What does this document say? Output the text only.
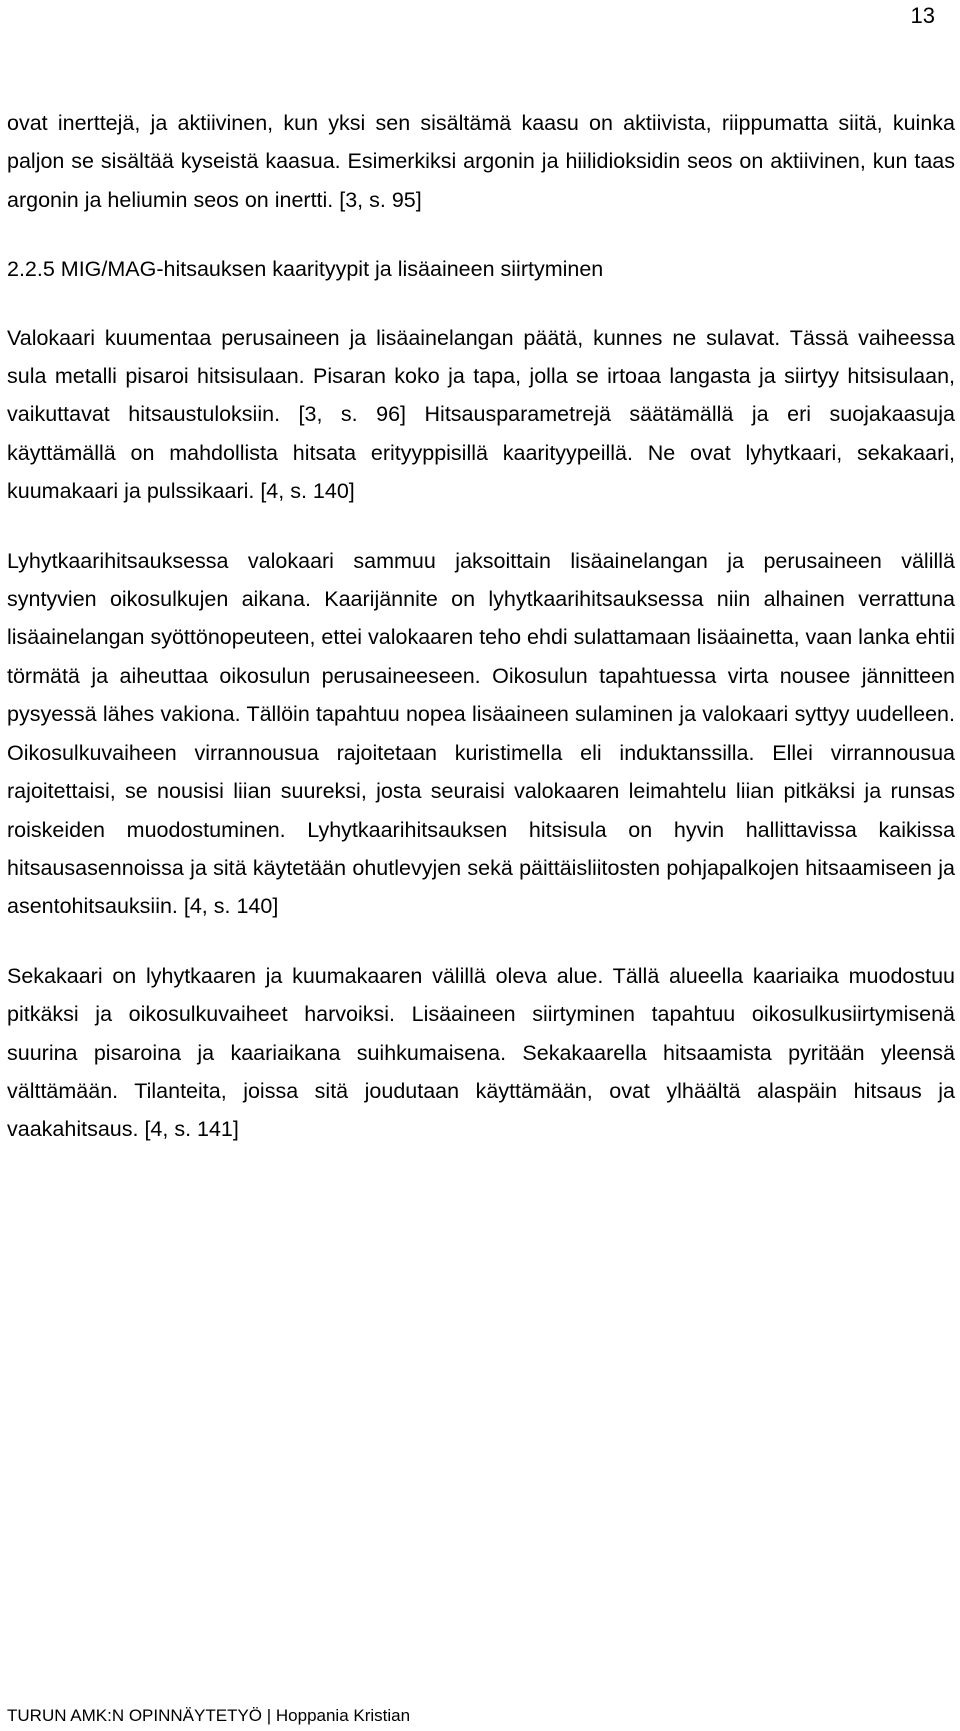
13

ovat inerttejä, ja aktiivinen, kun yksi sen sisältämä kaasu on aktiivista, riippumatta siitä, kuinka paljon se sisältää kyseistä kaasua. Esimerkiksi argonin ja hiilidioksidin seos on aktiivinen, kun taas argonin ja heliumin seos on inertti. [3, s. 95]

2.2.5 MIG/MAG-hitsauksen kaarityypit ja lisäaineen siirtyminen

Valokaari kuumentaa perusaineen ja lisäainelangan päätä, kunnes ne sulavat. Tässä vaiheessa sula metalli pisaroi hitsisulaan. Pisaran koko ja tapa, jolla se irtoaa langasta ja siirtyy hitsisulaan, vaikuttavat hitsaustuloksiin. [3, s. 96] Hitsausparametrejä säätämällä ja eri suojakaasuja käyttämällä on mahdollista hitsata erityyppisillä kaarityypeillä. Ne ovat lyhytkaari, sekakaari, kuumakaari ja pulssikaari. [4, s. 140]

Lyhytkaarihitsauksessa valokaari sammuu jaksoittain lisäainelangan ja perusaineen välillä syntyvien oikosulkujen aikana. Kaarijännite on lyhytkaarihitsauksessa niin alhainen verrattuna lisäainelangan syöttönopeuteen, ettei valokaaren teho ehdi sulattamaan lisäainetta, vaan lanka ehtii törmätä ja aiheuttaa oikosulun perusaineeseen. Oikosulun tapahtuessa virta nousee jännitteen pysyessä lähes vakiona. Tällöin tapahtuu nopea lisäaineen sulaminen ja valokaari syttyy uudelleen. Oikosulkuvaiheen virrannousua rajoitetaan kuristimella eli induktanssilla. Ellei virrannousua rajoitettaisi, se nousisi liian suureksi, josta seuraisi valokaaren leimahtelu liian pitkäksi ja runsas roiskeiden muodostuminen. Lyhytkaarihitsauksen hitsisula on hyvin hallittavissa kaikissa hitsausasennoissa ja sitä käytetään ohutlevyjen sekä päittäisliitosten pohjapalkojen hitsaamiseen ja asentohitsauksiin. [4, s. 140]

Sekakaari on lyhytkaaren ja kuumakaaren välillä oleva alue. Tällä alueella kaariaika muodostuu pitkäksi ja oikosulkuvaiheet harvoiksi. Lisäaineen siirtyminen tapahtuu oikosulkusiirtymisenä suurina pisaroina ja kaariaikana suihkumaisena. Sekakaarella hitsaamista pyritään yleensä välttämään. Tilanteita, joissa sitä joudutaan käyttämään, ovat ylhäältä alaspäin hitsaus ja vaakahitsaus. [4, s. 141]

TURUN AMK:N OPINNÄYTETYÖ | Hoppania Kristian
